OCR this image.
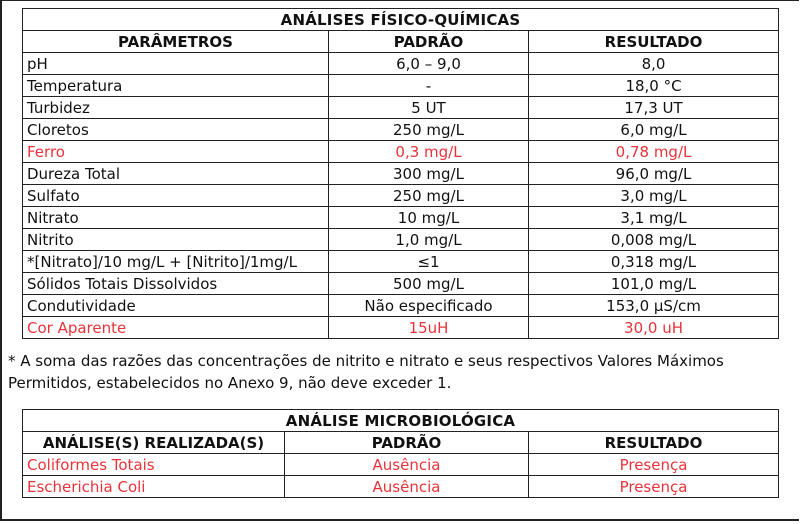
ANÁLISES FÍSICO-QUÍMICAS		
PARÂMETROS	PADRÃO	RESULTADO
pH	6,0 – 9,0	8,0
Temperatura	-	18,0 °C
Turbidez	5 UT	17,3 UT
Cloretos	250 mg/L	6,0 mg/L
Ferro	0,3 mg/L	0,78 mg/L
Dureza Total	300 mg/L	96,0 mg/L
Sulfato	250 mg/L	3,0 mg/L
Nitrato	10 mg/L	3,1 mg/L
Nitrito	1,0 mg/L	0,008 mg/L
*[Nitrato]/10 mg/L + [Nitrito]/1mg/L	≤1	0,318 mg/L
Sólidos Totais Dissolvidos	500 mg/L	101,0 mg/L
Condutividade	Não especificado	153,0 µS/cm
Cor Aparente	15uH	30,0 uH
* A soma das razões das concentrações de nitrito e nitrato e seus respectivos Valores Máximos Permitidos, estabelecidos no Anexo 9, não deve exceder 1.
ANÁLISE MICROBIOLÓGICA		
ANÁLISE(S) REALIZADA(S)	PADRÃO	RESULTADO
Coliformes Totais	Ausência	Presença
Escherichia Coli	Ausência	Presença
